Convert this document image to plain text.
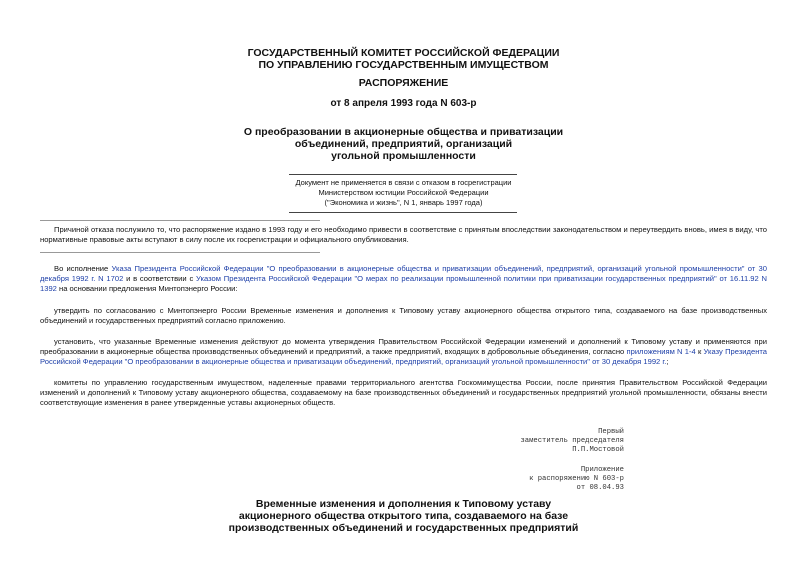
ГОСУДАРСТВЕННЫЙ КОМИТЕТ РОССИЙСКОЙ ФЕДЕРАЦИИ
ПО УПРАВЛЕНИЮ ГОСУДАРСТВЕННЫМ ИМУЩЕСТВОМ
РАСПОРЯЖЕНИЕ
от 8 апреля 1993 года N 603-р
О преобразовании в акционерные общества и приватизации
объединений, предприятий, организаций
угольной промышленности
Документ не применяется в связи с отказом в госрегистрации
Министерством юстиции Российской Федерации
("Экономика и жизнь", N 1, январь 1997 года)

Причиной отказа послужило то, что распоряжение издано в 1993 году и его необходимо привести в соответствие с принятым впоследствии законодательством и переутвердить вновь, имея в виду, что нормативные правовые акты вступают в силу после их госрегистрации и официального опубликования.

Во исполнение Указа Президента Российской Федерации "О преобразовании в акционерные общества и приватизации объединений, предприятий, организаций угольной промышленности" от 30 декабря 1992 г. N 1702 и в соответствии с Указом Президента Российской Федерации "О мерах по реализации промышленной политики при приватизации государственных предприятий" от 16.11.92 N 1392 на основании предложения Минтопэнерго России:

утвердить по согласованию с Минтопэнерго России Временные изменения и дополнения к Типовому уставу акционерного общества открытого типа, создаваемого на базе производственных объединений и государственных предприятий согласно приложению.

установить, что указанные Временные изменения действуют до момента утверждения Правительством Российской Федерации изменений и дополнений к Типовому уставу и применяются при преобразовании в акционерные общества производственных объединений и предприятий, а также предприятий, входящих в добровольные объединения, согласно приложениям N 1-4 к Указу Президента Российской Федерации "О преобразовании в акционерные общества и приватизации объединений, предприятий, организаций угольной промышленности" от 30 декабря 1992 г.;

комитеты по управлению государственным имуществом, наделенные правами территориального агентства Госкомимущества России, после принятия Правительством Российской Федерации изменений и дополнений к Типовому уставу акционерного общества, создаваемому на базе производственных объединений и государственных предприятий угольной промышленности, обязаны внести соответствующие изменения в ранее утвержденные уставы акционерных обществ.

Первый
заместитель председателя
П.П.Мостовой
Приложение
к распоряжению N 603-р
от 08.04.93
Временные изменения и дополнения к Типовому уставу
акционерного общества открытого типа, создаваемого на базе
производственных объединений и государственных предприятий
